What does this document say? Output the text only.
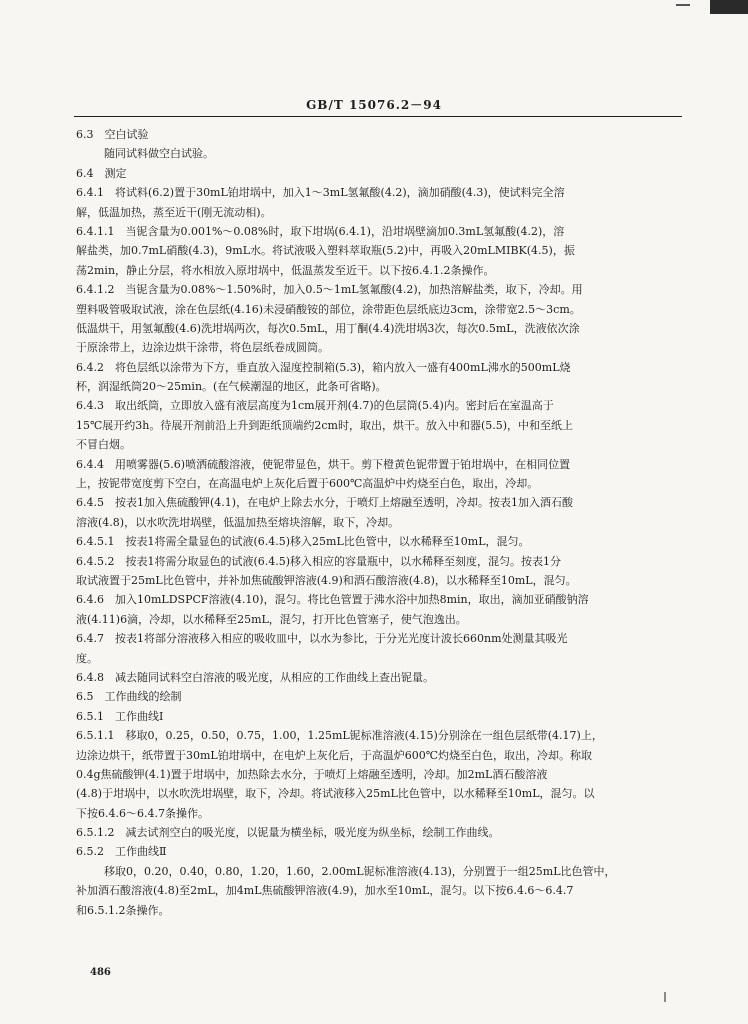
GB/T 15076.2－94
6.3　空白试验
随同试料做空白试验。
6.4　测定
6.4.1　将试料(6.2)置于30mL铂坩埚中，加入1～3mL氢氟酸(4.2)，滴加硝酸(4.3)，使试料完全溶
解，低温加热，蒸至近干(刚无流动相)。
6.4.1.1　当铌含量为0.001%～0.08%时，取下坩埚(6.4.1)，沿坩埚壁滴加0.3mL氢氟酸(4.2)，溶
解盐类，加0.7mL硝酸(4.3)，9mL水。将试液吸入塑料萃取瓶(5.2)中，再吸入20mLMIBK(4.5)，振
荡2min，静止分层，将水相放入原坩埚中，低温蒸发至近干。以下按6.4.1.2条操作。
6.4.1.2　当铌含量为0.08%～1.50%时，加入0.5～1mL氢氟酸(4.2)，加热溶解盐类，取下，冷却。用
塑料吸管吸取试液，涂在色层纸(4.16)未浸硝酸铵的部位，涂带距色层纸底边3cm，涂带宽2.5～3cm。
低温烘干，用氢氟酸(4.6)洗坩埚两次，每次0.5mL，用丁酮(4.4)洗坩埚3次，每次0.5mL，洗液依次涂
于原涂带上，边涂边烘干涂带，将色层纸卷成圆筒。
6.4.2　将色层纸以涂带为下方，垂直放入湿度控制箱(5.3)，箱内放入一盛有400mL沸水的500mL烧
杯，润湿纸筒20～25min。(在气候潮湿的地区，此条可省略)。
6.4.3　取出纸筒，立即放入盛有液层高度为1cm展开剂(4.7)的色层筒(5.4)内。密封后在室温高于
15℃展开约3h。待展开剂前沿上升到距纸顶端约2cm时，取出，烘干。放入中和器(5.5)，中和至纸上
不冒白烟。
6.4.4　用喷雾器(5.6)喷洒硫酸溶液，使铌带显色，烘干。剪下橙黄色铌带置于铂坩埚中，在相同位置
上，按铌带宽度剪下空白，在高温电炉上灰化后置于600℃高温炉中灼烧至白色，取出，冷却。
6.4.5　按表1加入焦硫酸钾(4.1)，在电炉上除去水分，于喷灯上熔融至透明，冷却。按表1加入酒石酸
溶液(4.8)，以水吹洗坩埚壁，低温加热至熔块溶解，取下，冷却。
6.4.5.1　按表1将需全量显色的试液(6.4.5)移入25mL比色管中，以水稀释至10mL，混匀。
6.4.5.2　按表1将需分取显色的试液(6.4.5)移入相应的容量瓶中，以水稀释至刻度，混匀。按表1分
取试液置于25mL比色管中，并补加焦硫酸钾溶液(4.9)和酒石酸溶液(4.8)，以水稀释至10mL，混匀。
6.4.6　加入10mLDSPCF溶液(4.10)，混匀。将比色管置于沸水浴中加热8min，取出，滴加亚硝酸钠溶
液(4.11)6滴，冷却，以水稀释至25mL，混匀，打开比色管塞子，使气泡逸出。
6.4.7　按表1将部分溶液移入相应的吸收皿中，以水为参比，于分光光度计波长660nm处测量其吸光
度。
6.4.8　减去随同试料空白溶液的吸光度，从相应的工作曲线上查出铌量。
6.5　工作曲线的绘制
6.5.1　工作曲线Ⅰ
6.5.1.1　移取0，0.25，0.50，0.75，1.00，1.25mL铌标准溶液(4.15)分别涂在一组色层纸带(4.17)上，
边涂边烘干，纸带置于30mL铂坩埚中，在电炉上灰化后，于高温炉600℃灼烧至白色，取出，冷却。称取
0.4g焦硫酸钾(4.1)置于坩埚中，加热除去水分，于喷灯上熔融至透明，冷却。加2mL酒石酸溶液
(4.8)于坩埚中，以水吹洗坩埚壁，取下，冷却。将试液移入25mL比色管中，以水稀释至10mL，混匀。以
下按6.4.6～6.4.7条操作。
6.5.1.2　减去试剂空白的吸光度，以铌量为横坐标，吸光度为纵坐标，绘制工作曲线。
6.5.2　工作曲线Ⅱ
移取0，0.20，0.40，0.80，1.20，1.60，2.00mL铌标准溶液(4.13)，分别置于一组25mL比色管中，
补加酒石酸溶液(4.8)至2mL，加4mL焦硫酸钾溶液(4.9)，加水至10mL，混匀。以下按6.4.6～6.4.7
和6.5.1.2条操作。
486
